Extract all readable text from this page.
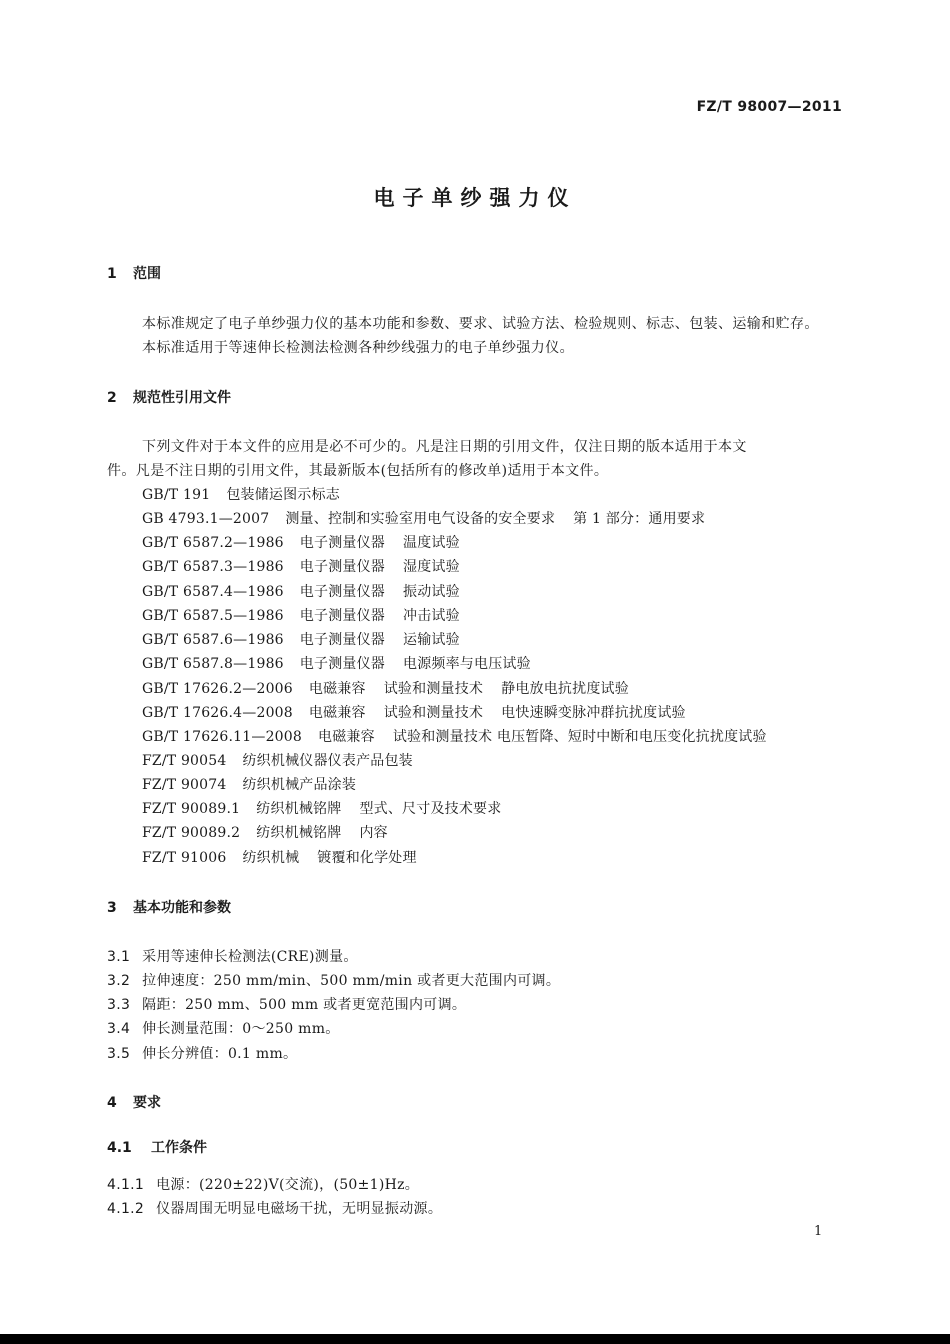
FZ/T 98007—2011
电子单纱强力仪
1 范围
本标准规定了电子单纱强力仪的基本功能和参数、要求、试验方法、检验规则、标志、包装、运输和贮存。
本标准适用于等速伸长检测法检测各种纱线强力的电子单纱强力仪。
2 规范性引用文件
下列文件对于本文件的应用是必不可少的。凡是注日期的引用文件，仅注日期的版本适用于本文
件。凡是不注日期的引用文件，其最新版本(包括所有的修改单)适用于本文件。
GB/T 191 包装储运图示标志
GB 4793.1—2007 测量、控制和实验室用电气设备的安全要求 第 1 部分：通用要求
GB/T 6587.2—1986 电子测量仪器 温度试验
GB/T 6587.3—1986 电子测量仪器 湿度试验
GB/T 6587.4—1986 电子测量仪器 振动试验
GB/T 6587.5—1986 电子测量仪器 冲击试验
GB/T 6587.6—1986 电子测量仪器 运输试验
GB/T 6587.8—1986 电子测量仪器 电源频率与电压试验
GB/T 17626.2—2006 电磁兼容 试验和测量技术 静电放电抗扰度试验
GB/T 17626.4—2008 电磁兼容 试验和测量技术 电快速瞬变脉冲群抗扰度试验
GB/T 17626.11—2008 电磁兼容 试验和测量技术 电压暂降、短时中断和电压变化抗扰度试验
FZ/T 90054 纺织机械仪器仪表产品包装
FZ/T 90074 纺织机械产品涂装
FZ/T 90089.1 纺织机械铭牌 型式、尺寸及技术要求
FZ/T 90089.2 纺织机械铭牌 内容
FZ/T 91006 纺织机械 镀覆和化学处理
3 基本功能和参数
3.1 采用等速伸长检测法(CRE)测量。
3.2 拉伸速度：250 mm/min、500 mm/min 或者更大范围内可调。
3.3 隔距：250 mm、500 mm 或者更宽范围内可调。
3.4 伸长测量范围：0～250 mm。
3.5 伸长分辨值：0.1 mm。
4 要求
4.1 工作条件
4.1.1 电源：(220±22)V(交流)，(50±1)Hz。
4.1.2 仪器周围无明显电磁场干扰，无明显振动源。
1
